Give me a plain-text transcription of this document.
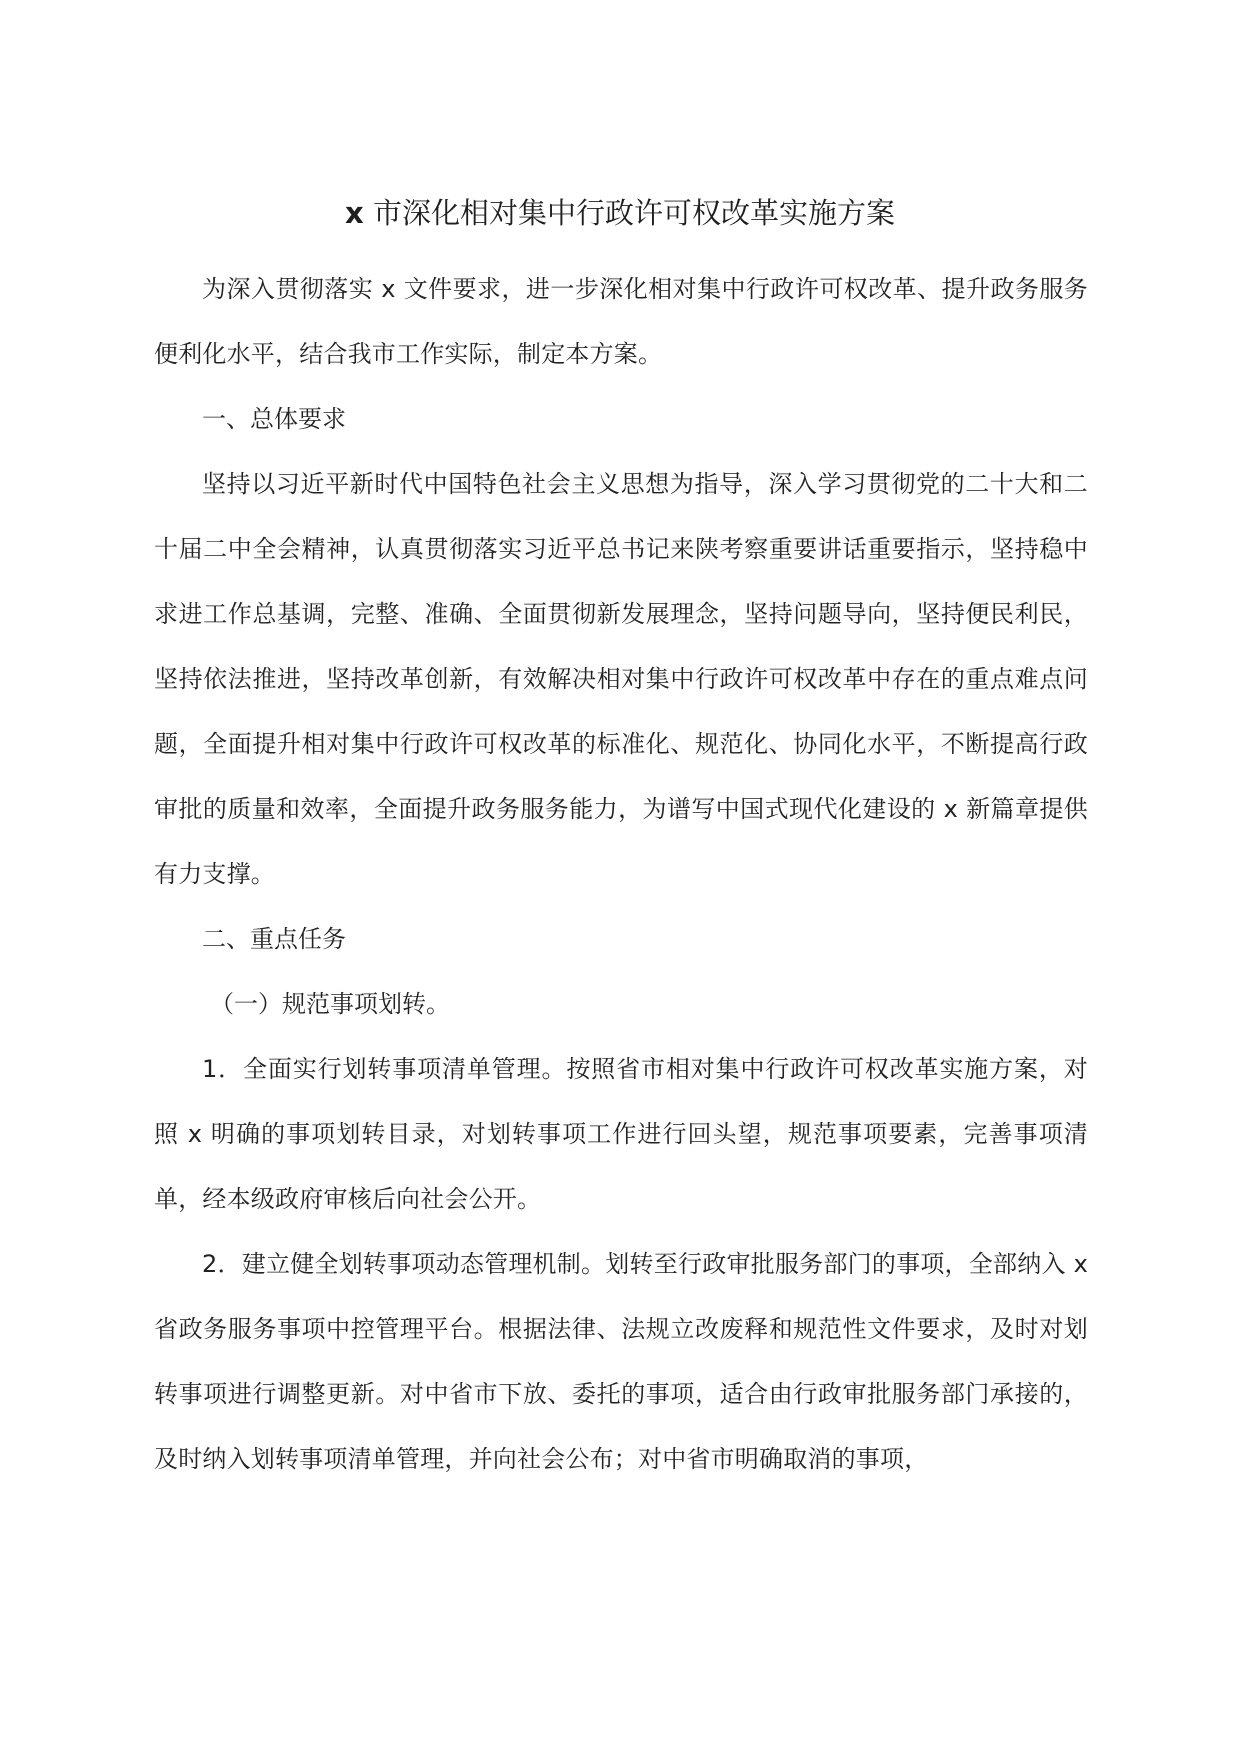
x 市深化相对集中行政许可权改革实施方案

为深入贯彻落实 x 文件要求，进一步深化相对集中行政许可权改革、提升政务服务便利化水平，结合我市工作实际，制定本方案。

一、总体要求

坚持以习近平新时代中国特色社会主义思想为指导，深入学习贯彻党的二十大和二十届二中全会精神，认真贯彻落实习近平总书记来陕考察重要讲话重要指示，坚持稳中求进工作总基调，完整、准确、全面贯彻新发展理念，坚持问题导向，坚持便民利民，坚持依法推进，坚持改革创新，有效解决相对集中行政许可权改革中存在的重点难点问题，全面提升相对集中行政许可权改革的标准化、规范化、协同化水平，不断提高行政审批的质量和效率，全面提升政务服务能力，为谱写中国式现代化建设的 x 新篇章提供有力支撑。

二、重点任务

（一）规范事项划转。

1．全面实行划转事项清单管理。按照省市相对集中行政许可权改革实施方案，对照 x 明确的事项划转目录，对划转事项工作进行回头望，规范事项要素，完善事项清单，经本级政府审核后向社会公开。

2．建立健全划转事项动态管理机制。划转至行政审批服务部门的事项，全部纳入 x 省政务服务事项中控管理平台。根据法律、法规立改废释和规范性文件要求，及时对划转事项进行调整更新。对中省市下放、委托的事项，适合由行政审批服务部门承接的，及时纳入划转事项清单管理，并向社会公布；对中省市明确取消的事项，
